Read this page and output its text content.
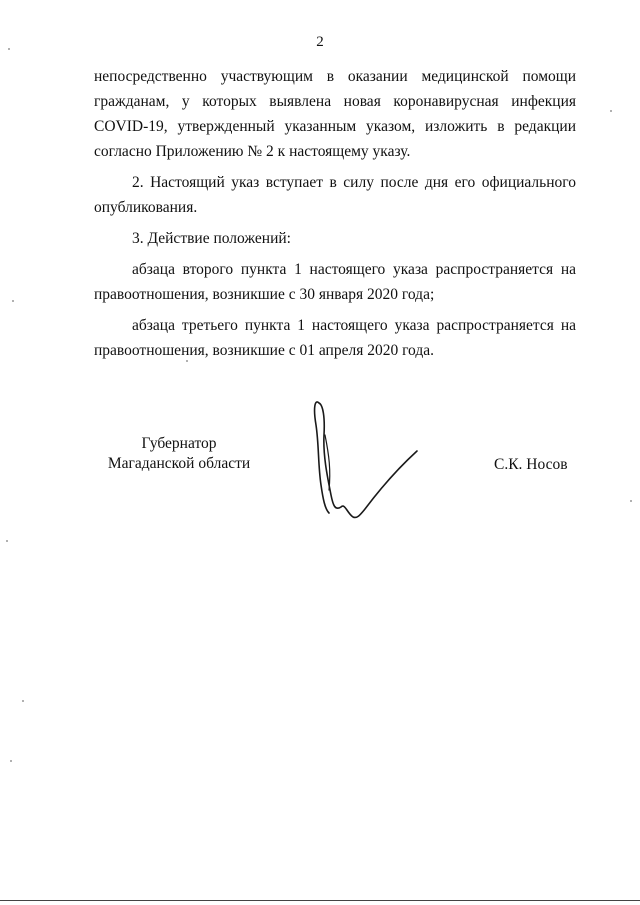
2

непосредственно участвующим в оказании медицинской помощи гражданам, у которых выявлена новая коронавирусная инфекция COVID-19, утвержденный указанным указом, изложить в редакции согласно Приложению № 2 к настоящему указу.

2. Настоящий указ вступает в силу после дня его официального опубликования.

3. Действие положений:

абзаца второго пункта 1 настоящего указа распространяется на правоотношения, возникшие с 30 января 2020 года;

абзаца третьего пункта 1 настоящего указа распространяется на правоотношения, возникшие с 01 апреля 2020 года.

Губернатор
Магаданской области	С.К. Носов
